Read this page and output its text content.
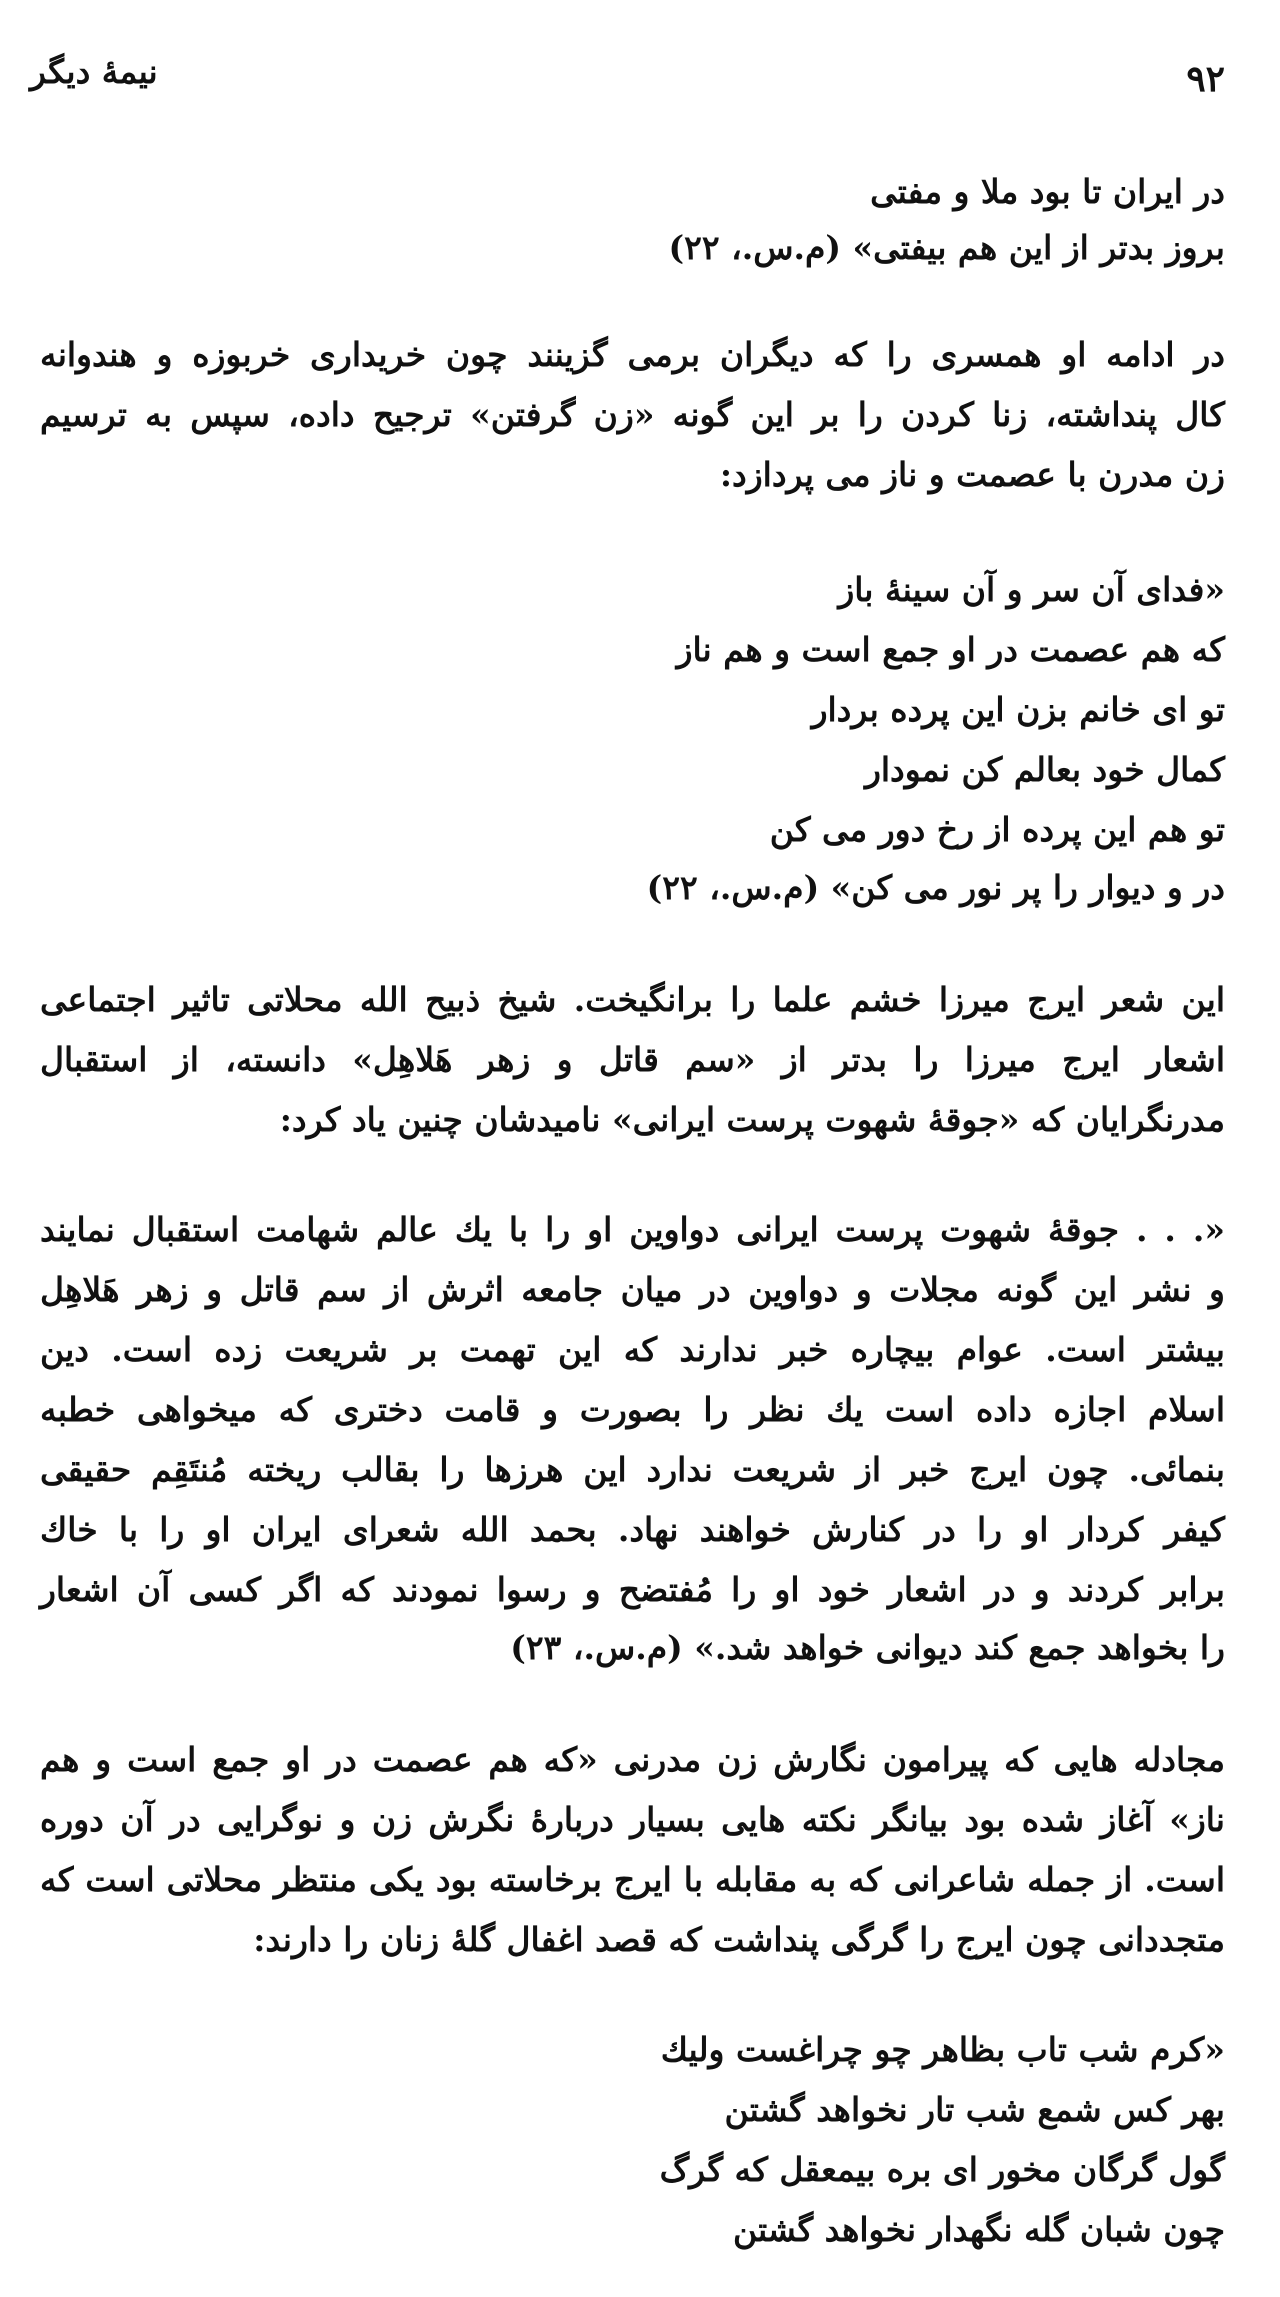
نیمهٔ دیگر	۹۲
در ایران تا بود ملا و مفتی
بروز بدتر از این هم بیفتی» (م.س.، ۲۲)
در ادامه او همسری را که دیگران برمی گزینند چون خریداری خربوزه و هندوانه
کال پنداشته، زنا کردن را بر این گونه «زن گرفتن» ترجیح داده، سپس به ترسیم
زن مدرن با عصمت و ناز می پردازد:
«فدای آن سر و آن سینهٔ باز
که هم عصمت در او جمع است و هم ناز
تو ای خانم بزن این پرده بردار
کمال خود بعالم کن نمودار
تو هم این پرده از رخ دور می کن
در و دیوار را پر نور می کن» (م.س.، ۲۲)
این شعر ایرج میرزا خشم علما را برانگیخت. شیخ ذبیح الله محلاتی تاثیر اجتماعی
اشعار ایرج میرزا را بدتر از «سم قاتل و زهر هَلاهِل» دانسته، از استقبال
مدرنگرایان که «جوقهٔ شهوت پرست ایرانی» نامیدشان چنین یاد کرد:
«. . . جوقهٔ شهوت پرست ایرانی دواوین او را با یك عالم شهامت استقبال نمایند
و نشر این گونه مجلات و دواوین در میان جامعه اثرش از سم قاتل و زهر هَلاهِل
بیشتر است. عوام بیچاره خبر ندارند که این تهمت بر شریعت زده است. دین
اسلام اجازه داده است یك نظر را بصورت و قامت دختری که میخواهی خطبه
بنمائی. چون ایرج خبر از شریعت ندارد این هرزها را بقالب ریخته مُنتَقِم حقیقی
کیفر کردار او را در کنارش خواهند نهاد. بحمد الله شعرای ایران او را با خاك
برابر کردند و در اشعار خود او را مُفتضح و رسوا نمودند که اگر کسی آن اشعار
را بخواهد جمع کند دیوانی خواهد شد.» (م.س.، ۲۳)
مجادله هایی که پیرامون نگارش زن مدرنی «که هم عصمت در او جمع است و هم
ناز» آغاز شده بود بیانگر نکته هایی بسیار دربارهٔ نگرش زن و نوگرایی در آن دوره
است. از جمله شاعرانی که به مقابله با ایرج برخاسته بود یکی منتظر محلاتی است که
متجددانی چون ایرج را گرگی پنداشت که قصد اغفال گلهٔ زنان را دارند:
«کرم شب تاب بظاهر چو چراغست ولیك
بهر کس شمع شب تار نخواهد گشتن
گول گرگان مخور ای بره بیمعقل که گرگ
چون شبان گله نگهدار نخواهد گشتن
